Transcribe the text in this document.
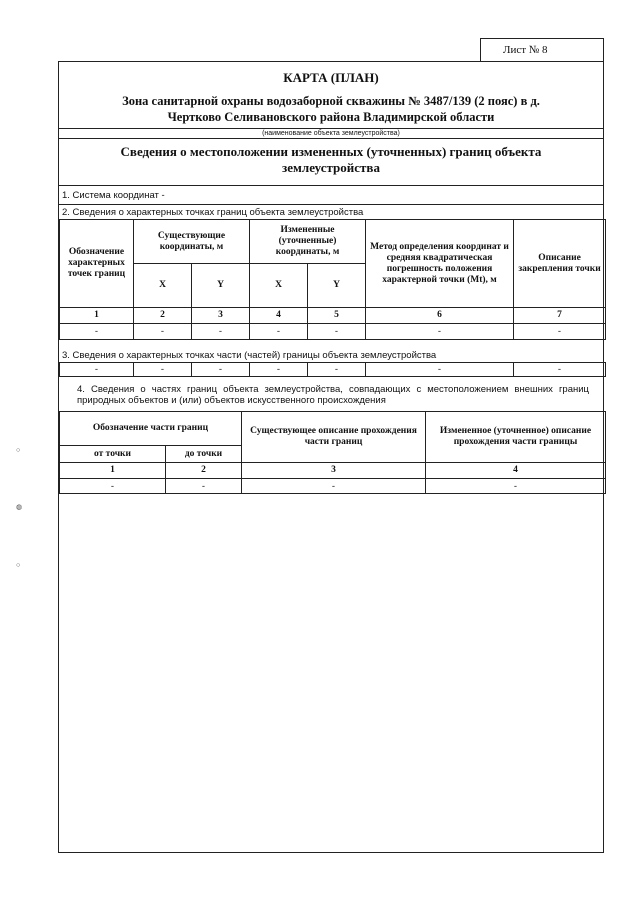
Лист № 8
○
◍
○
КАРТА (ПЛАН)
Зона санитарной охраны водозаборной скважины № 3487/139 (2 пояс) в д.
Чертково Селивановского района Владимирской области
(наименование объекта землеустройства)
Сведения о местоположении измененных (уточненных) границ объекта
землеустройства
1. Система координат -
2. Сведения о характерных точках границ объекта землеустройства
Обозначение характерных точек границ	Существующие координаты, м		Измененные (уточненные) координаты, м		Метод определения координат и средняя квадратическая погрешность положения характерной точки (Mt), м	Описание закрепления точки
	X	Y	X	Y		
1	2	3	4	5	6	7
-	-	-	-	-	-	-
3. Сведения о характерных точках части (частей) границы объекта землеустройства
-	-	-	-	-	-	-
4. Сведения о частях границ объекта землеустройства, совпадающих с местоположением внешних границ природных объектов и (или) объектов искусственного происхождения
Обозначение части границ		Существующее описание прохождения части границ	Измененное (уточненное) описание прохождения части границы
от точки	до точки		
1	2	3	4
-	-	-	-
